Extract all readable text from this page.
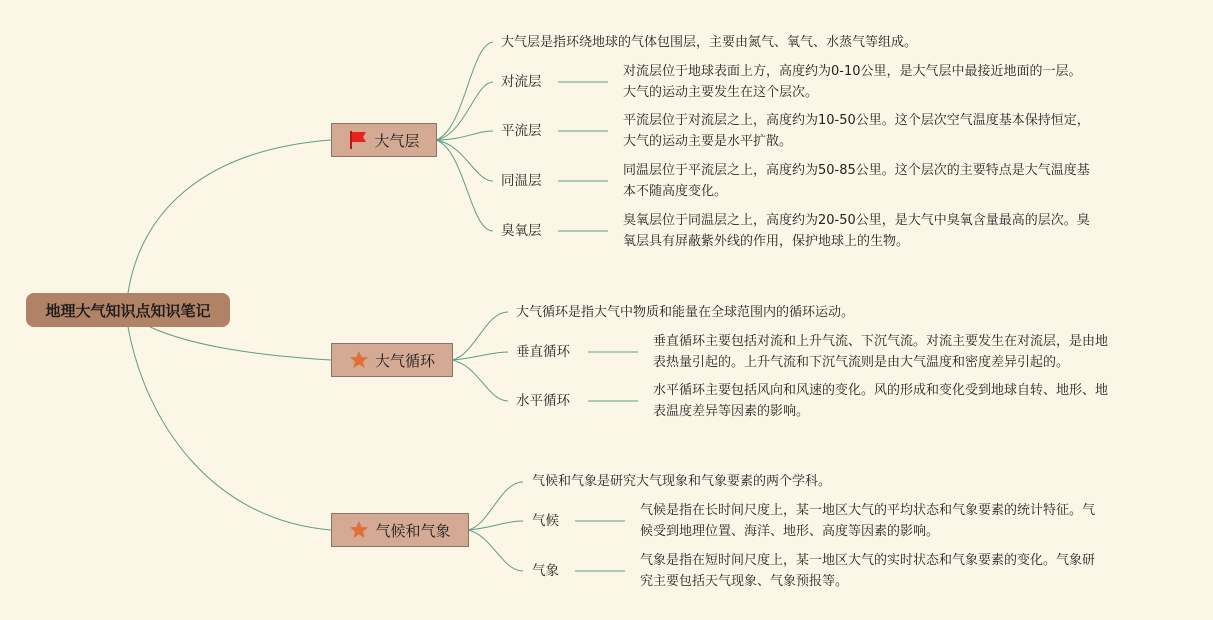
地理大气知识点知识笔记
大气层
大气层是指环绕地球的气体包围层，主要由氮气、氧气、水蒸气等组成。
对流层
对流层位于地球表面上方，高度约为0-10公里，是大气层中最接近地面的一层。
大气的运动主要发生在这个层次。
平流层
平流层位于对流层之上，高度约为10-50公里。这个层次空气温度基本保持恒定，
大气的运动主要是水平扩散。
同温层
同温层位于平流层之上，高度约为50-85公里。这个层次的主要特点是大气温度基
本不随高度变化。
臭氧层
臭氧层位于同温层之上，高度约为20-50公里，是大气中臭氧含量最高的层次。臭
氧层具有屏蔽紫外线的作用，保护地球上的生物。
大气循环
大气循环是指大气中物质和能量在全球范围内的循环运动。
垂直循环
垂直循环主要包括对流和上升气流、下沉气流。对流主要发生在对流层，是由地
表热量引起的。上升气流和下沉气流则是由大气温度和密度差异引起的。
水平循环
水平循环主要包括风向和风速的变化。风的形成和变化受到地球自转、地形、地
表温度差异等因素的影响。
气候和气象
气候和气象是研究大气现象和气象要素的两个学科。
气候
气候是指在长时间尺度上，某一地区大气的平均状态和气象要素的统计特征。气
候受到地理位置、海洋、地形、高度等因素的影响。
气象
气象是指在短时间尺度上，某一地区大气的实时状态和气象要素的变化。气象研
究主要包括天气现象、气象预报等。
